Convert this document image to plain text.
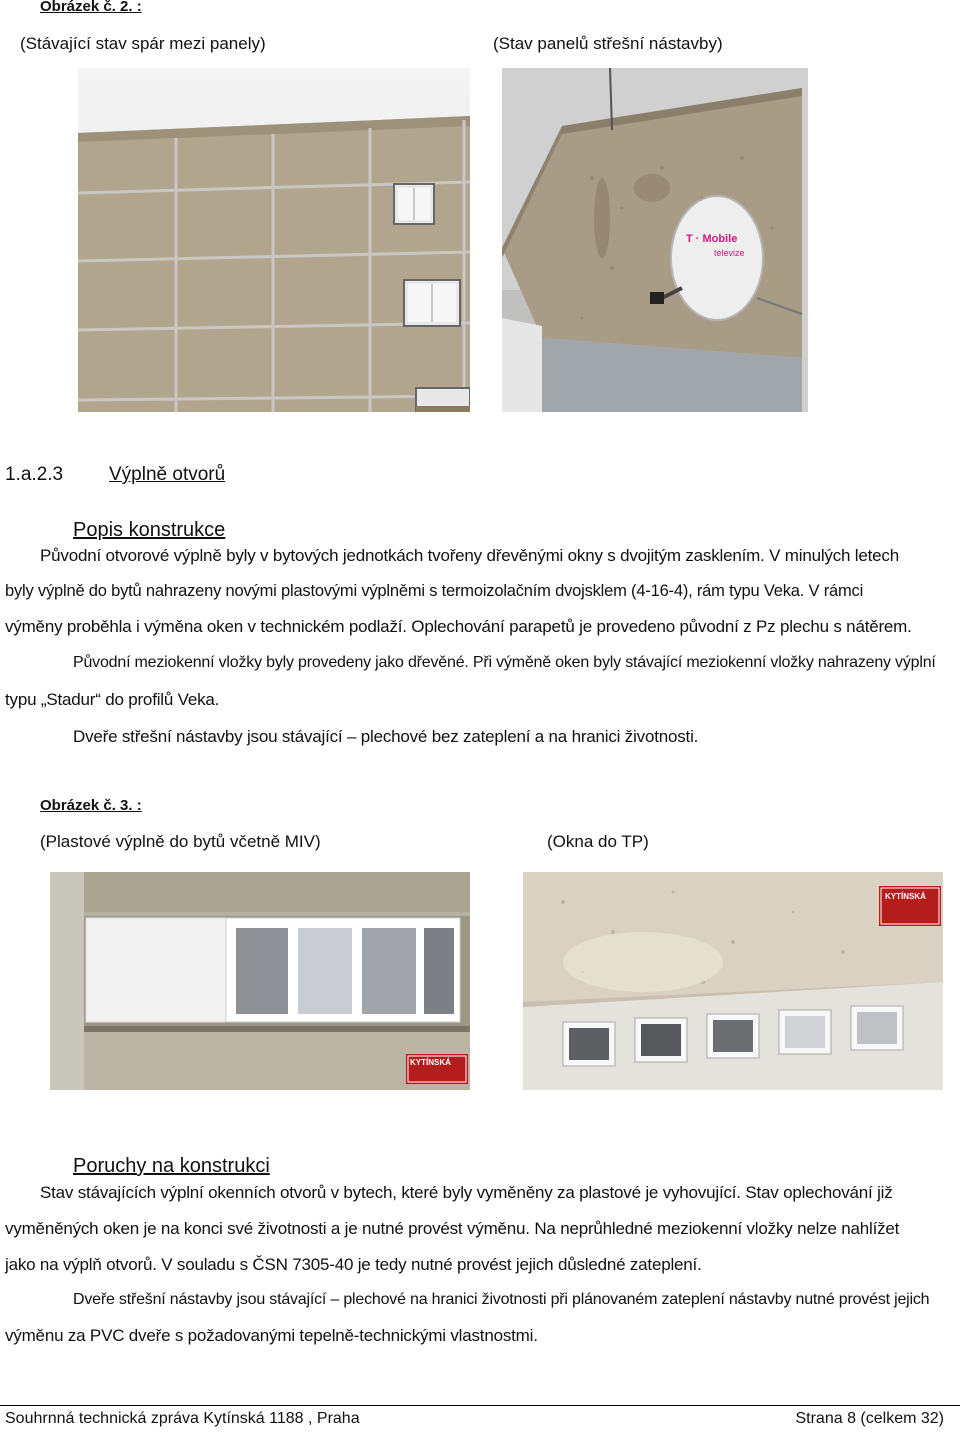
Obrázek č. 2. :
(Stávající stav spár mezi panely)	(Stav panelů střešní nástavby)
T · Mobile
televize
1.a.2.3 Výplně otvorů
Popis konstrukce
Původní otvorové výplně byly v bytových jednotkách tvořeny dřevěnými okny s dvojitým zasklením. V minulých letech
byly výplně do bytů nahrazeny novými plastovými výplněmi s termoizolačním dvojsklem (4-16-4), rám typu Veka. V rámci
výměny proběhla i výměna oken v technickém podlaží. Oplechování parapetů je provedeno původní z Pz plechu s nátěrem.
Původní meziokenní vložky byly provedeny jako dřevěné. Při výměně oken byly stávající meziokenní vložky nahrazeny výplní
typu „Stadur“ do profilů Veka.
Dveře střešní nástavby jsou stávající – plechové bez zateplení a na hranici životnosti.
Obrázek č. 3. :
(Plastové výplně do bytů včetně MIV)	(Okna do TP)
KYTÍNSKÁ
KYTÍNSKÁ
Poruchy na konstrukci
Stav stávajících výplní okenních otvorů v bytech, které byly vyměněny za plastové je vyhovující. Stav oplechování již
vyměněných oken je na konci své životnosti a je nutné provést výměnu. Na neprůhledné meziokenní vložky nelze nahlížet
jako na výplň otvorů. V souladu s ČSN 7305-40 je tedy nutné provést jejich důsledné zateplení.
Dveře střešní nástavby jsou stávající – plechové na hranici životnosti při plánovaném zateplení nástavby nutné provést jejich
výměnu za PVC dveře s požadovanými tepelně-technickými vlastnostmi.
Souhrnná technická zpráva Kytínská 1188 , Praha	Strana 8 (celkem 32)
